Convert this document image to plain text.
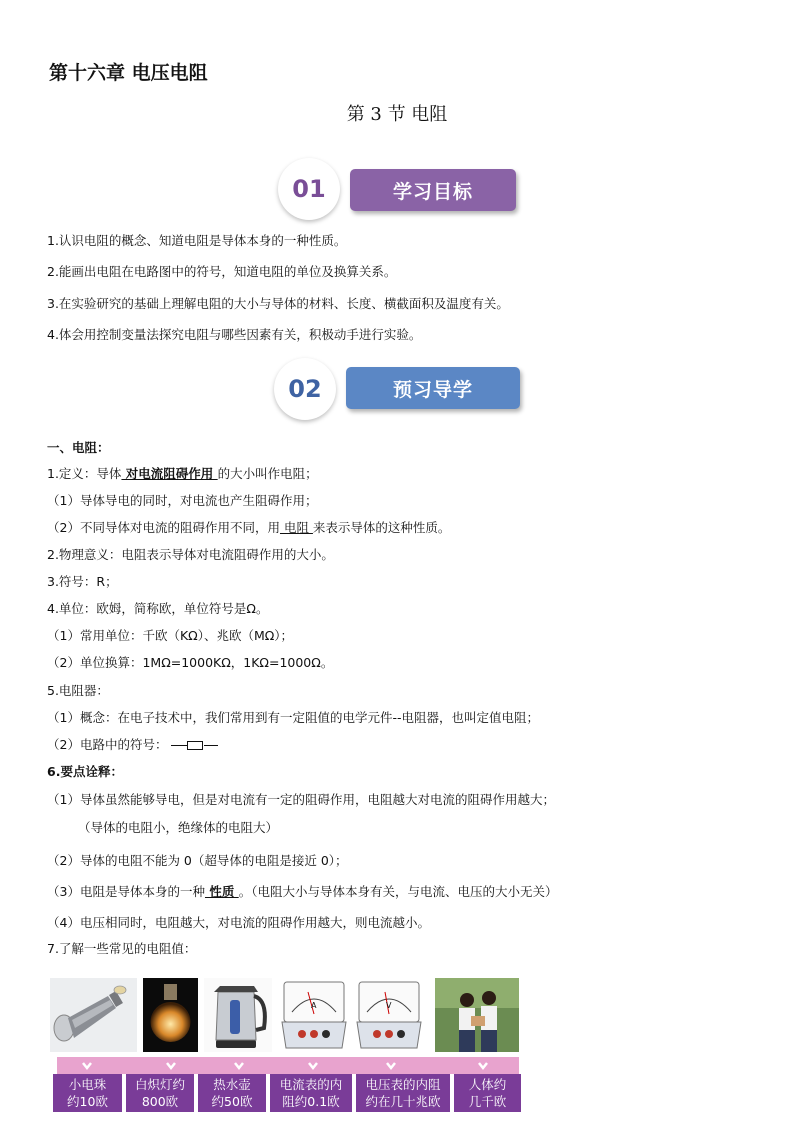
第十六章 电压电阻
第 3 节 电阻
学习目标
01
1.认识电阻的概念、知道电阻是导体本身的一种性质。
2.能画出电阻在电路图中的符号，知道电阻的单位及换算关系。
3.在实验研究的基础上理解电阻的大小与导体的材料、长度、横截面积及温度有关。
4.体会用控制变量法探究电阻与哪些因素有关，积极动手进行实验。
预习导学
02
一、电阻：
1.定义：导体 对电流阻碍作用 的大小叫作电阻；
（1）导体导电的同时，对电流也产生阻碍作用；
（2）不同导体对电流的阻碍作用不同，用 电阻 来表示导体的这种性质。
2.物理意义：电阻表示导体对电流阻碍作用的大小。
3.符号：R；
4.单位：欧姆，简称欧，单位符号是Ω。
（1）常用单位：千欧（KΩ）、兆欧（MΩ）；
（2）单位换算：1MΩ=1000KΩ，1KΩ=1000Ω。
5.电阻器：
（1）概念：在电子技术中，我们常用到有一定阻值的电学元件--电阻器，也叫定值电阻；
（2）电路中的符号：
6.要点诠释：
（1）导体虽然能够导电，但是对电流有一定的阻碍作用，电阻越大对电流的阻碍作用越大；
（导体的电阻小，绝缘体的电阻大）
（2）导体的电阻不能为 0（超导体的电阻是接近 0）；
（3）电阻是导体本身的一种 性质 。（电阻大小与导体本身有关，与电流、电压的大小无关）
（4）电压相同时，电阻越大，对电流的阻碍作用越大，则电流越小。
7.了解一些常见的电阻值：
A	V
小电珠
约10欧
白炽灯约
800欧
热水壶
约50欧
电流表的内
阻约0.1欧
电压表的内阻
约在几十兆欧
人体约
几千欧
